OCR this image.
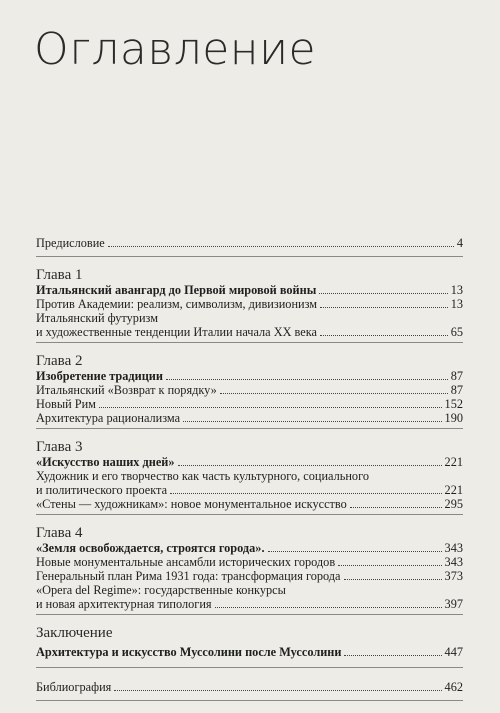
Оглавление
Предисловие	4
Глава 1
Итальянский авангард до Первой мировой войны	13
Против Академии: реализм, символизм, дивизионизм	13
Итальянский футуризм
и художественные тенденции Италии начала XX века	65
Глава 2
Изобретение традиции	87
Итальянский «Возврат к порядку»	87
Новый Рим	152
Архитектура рационализма	190
Глава 3
«Искусство наших дней»	221
Художник и его творчество как часть культурного, социального
и политического проекта	221
«Стены — художникам»: новое монументальное искусство	295
Глава 4
«Земля освобождается, строятся города».	343
Новые монументальные ансамбли исторических городов	343
Генеральный план Рима 1931 года: трансформация города	373
«Opera del Regime»: государственные конкурсы
и новая архитектурная типология	397
Заключение
Архитектура и искусство Муссолини после Муссолини	447
Библиография	462
